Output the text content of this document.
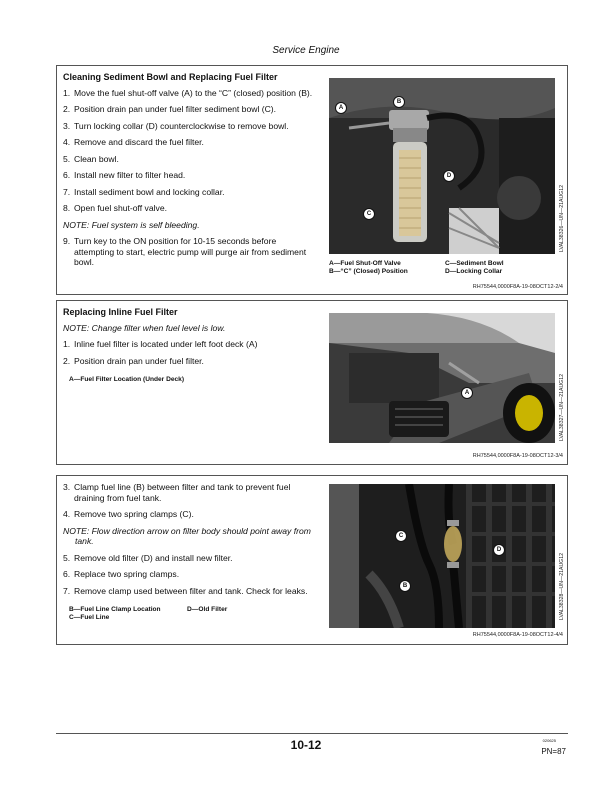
Service Engine
Cleaning Sediment Bowl and Replacing Fuel Filter
1. Move the fuel shut-off valve (A) to the “C” (closed) position (B).
2. Position drain pan under fuel filter sediment bowl (C).
3. Turn locking collar (D) counterclockwise to remove bowl.
4. Remove and discard the fuel filter.
5. Clean bowl.
6. Install new filter to filter head.
7. Install sediment bowl and locking collar.
8. Open fuel shut-off valve.
NOTE: Fuel system is self bleeding.
9. Turn key to the ON position for 10-15 seconds before attempting to start, electric pump will purge air from sediment bowl.
A
B
C
D
LVAL38326—UN—21AUG12
A—Fuel Shut-Off Valve
B—“C” (Closed) Position
C—Sediment Bowl
D—Locking Collar
RH75544,0000F8A-19-08OCT12-2/4
Replacing Inline Fuel Filter
NOTE: Change filter when fuel level is low.
1. Inline fuel filter is located under left foot deck (A)
2. Position drain pan under fuel filter.
A—Fuel Filter Location (Under Deck)
A	LVAL38327—UN—21AUG12
RH75544,0000F8A-19-08OCT12-3/4
3. Clamp fuel line (B) between filter and tank to prevent fuel draining from fuel tank.
4. Remove two spring clamps (C).
NOTE: Flow direction arrow on filter body should point away from tank.
5. Remove old filter (D) and install new filter.
6. Replace two spring clamps.
7. Remove clamp used between filter and tank. Check for leaks.
B—Fuel Line Clamp Location
C—Fuel Line
D—Old Filter
C
D
B	LVAL38328—UN—21AUG12
RH75544,0000F8A-19-08OCT12-4/4
10-12	020625
PN=87
